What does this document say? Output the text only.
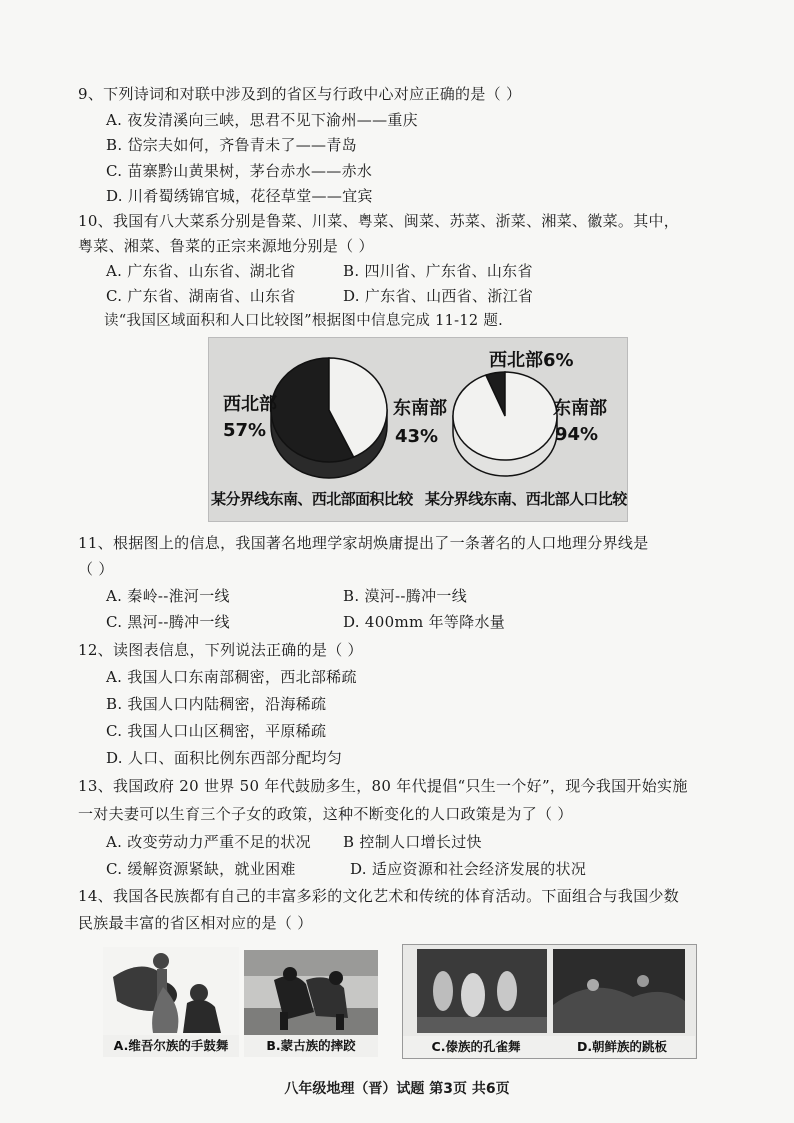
9、下列诗词和对联中涉及到的省区与行政中心对应正确的是（ ）
A. 夜发清溪向三峡，思君不见下渝州——重庆
B. 岱宗夫如何，齐鲁青未了——青岛
C. 苗寨黔山黄果树，茅台赤水——赤水
D. 川肴蜀绣锦官城，花径草堂——宜宾
10、我国有八大菜系分别是鲁菜、川菜、粤菜、闽菜、苏菜、浙菜、湘菜、徽菜。其中，
粤菜、湘菜、鲁菜的正宗来源地分别是（ ）
A. 广东省、山东省、湖北省	B. 四川省、广东省、山东省
C. 广东省、湖南省、山东省	D. 广东省、山西省、浙江省
读“我国区域面积和人口比较图”根据图中信息完成 11-12 题.
西北部
57%
东南部
43%
西北部6%
东南部
94%
某分界线东南、西北部面积比较 某分界线东南、西北部人口比较
11、根据图上的信息，我国著名地理学家胡焕庸提出了一条著名的人口地理分界线是
（ ）
A. 秦岭--淮河一线	B. 漠河--腾冲一线
C. 黑河--腾冲一线	D. 400mm 年等降水量
12、读图表信息，下列说法正确的是（ ）
A. 我国人口东南部稠密，西北部稀疏
B. 我国人口内陆稠密，沿海稀疏
C. 我国人口山区稠密，平原稀疏
D. 人口、面积比例东西部分配均匀
13、我国政府 20 世界 50 年代鼓励多生，80 年代提倡“只生一个好”，现今我国开始实施
一对夫妻可以生育三个子女的政策，这种不断变化的人口政策是为了（ ）
A. 改变劳动力严重不足的状况 B 控制人口增长过快
C. 缓解资源紧缺，就业困难	D. 适应资源和社会经济发展的状况
14、我国各民族都有自己的丰富多彩的文化艺术和传统的体育活动。下面组合与我国少数
民族最丰富的省区相对应的是（ ）
A.维吾尔族的手鼓舞	B.蒙古族的摔跤	C.傣族的孔雀舞	D.朝鲜族的跳板
八年级地理（晋）试题 第3页 共6页
